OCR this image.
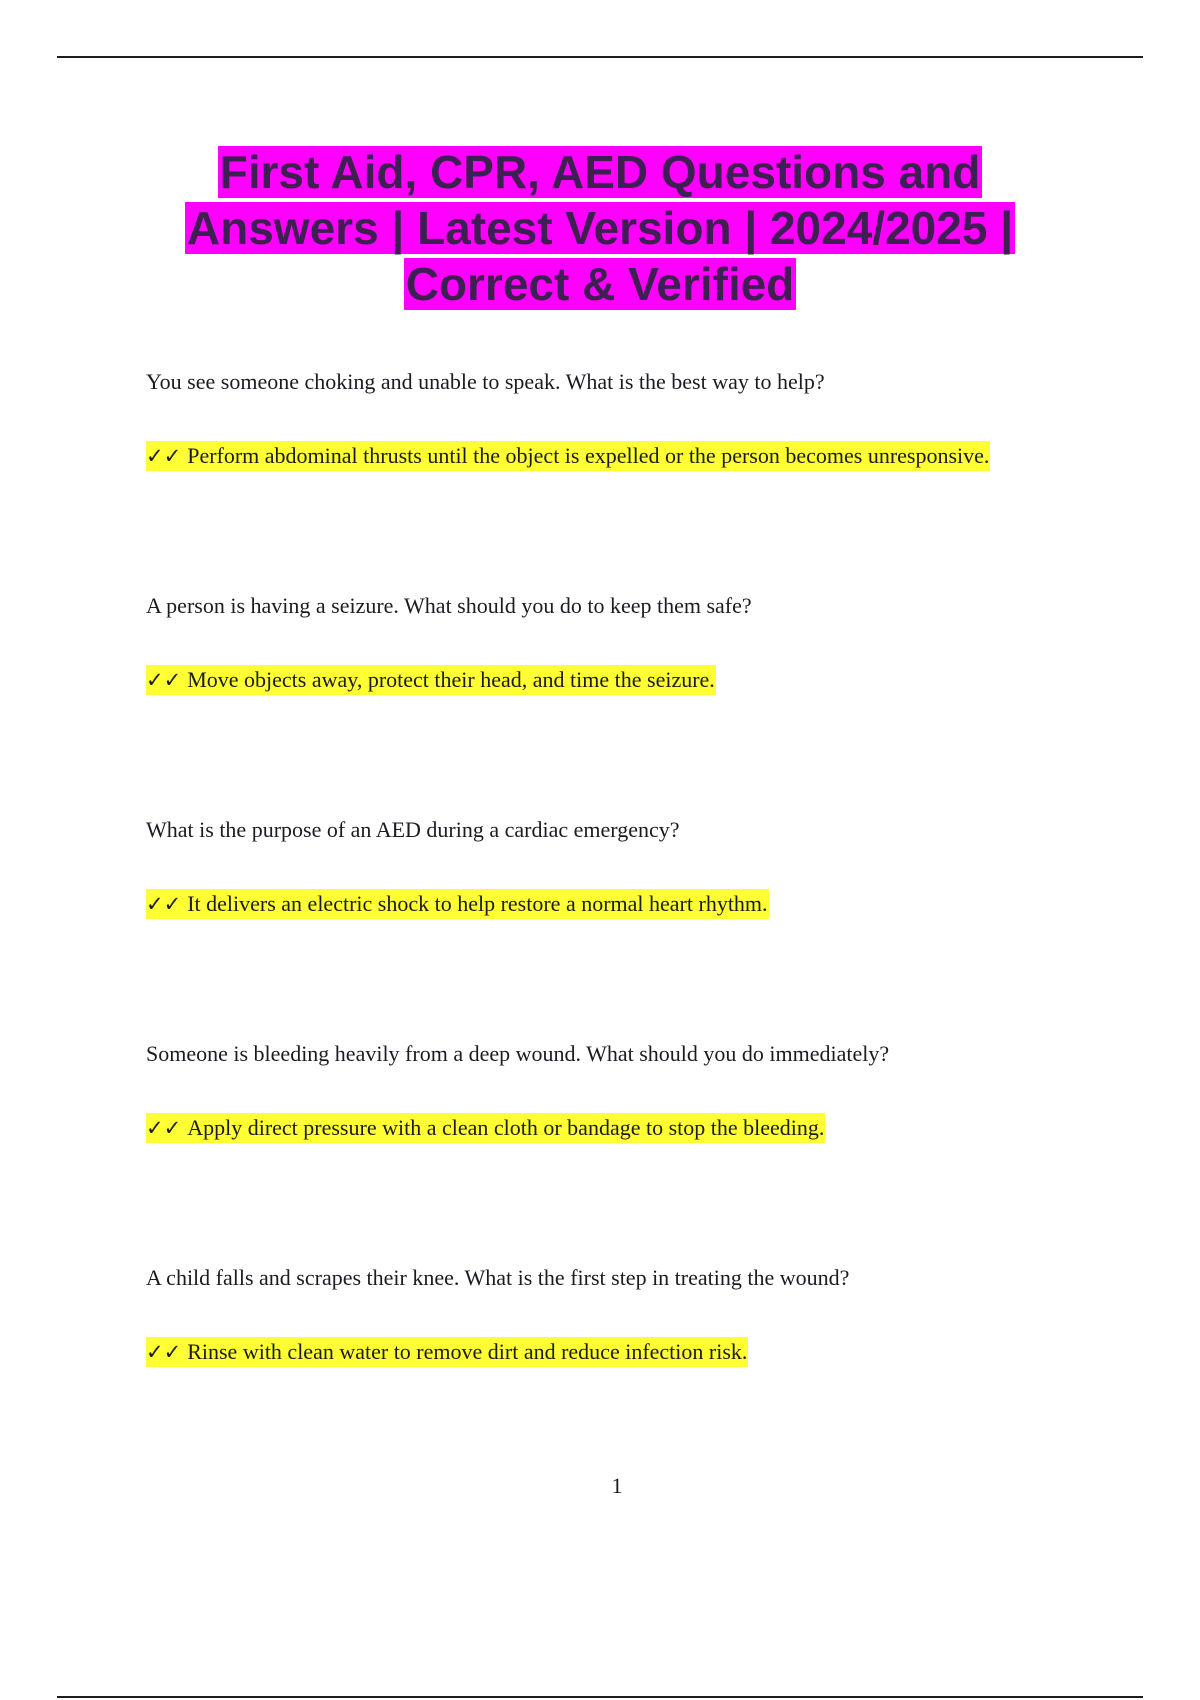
First Aid, CPR, AED Questions and Answers | Latest Version | 2024/2025 | Correct & Verified

You see someone choking and unable to speak. What is the best way to help?

✓✓ Perform abdominal thrusts until the object is expelled or the person becomes unresponsive.

A person is having a seizure. What should you do to keep them safe?

✓✓ Move objects away, protect their head, and time the seizure.

What is the purpose of an AED during a cardiac emergency?

✓✓ It delivers an electric shock to help restore a normal heart rhythm.

Someone is bleeding heavily from a deep wound. What should you do immediately?

✓✓ Apply direct pressure with a clean cloth or bandage to stop the bleeding.

A child falls and scrapes their knee. What is the first step in treating the wound?

✓✓ Rinse with clean water to remove dirt and reduce infection risk.
1
